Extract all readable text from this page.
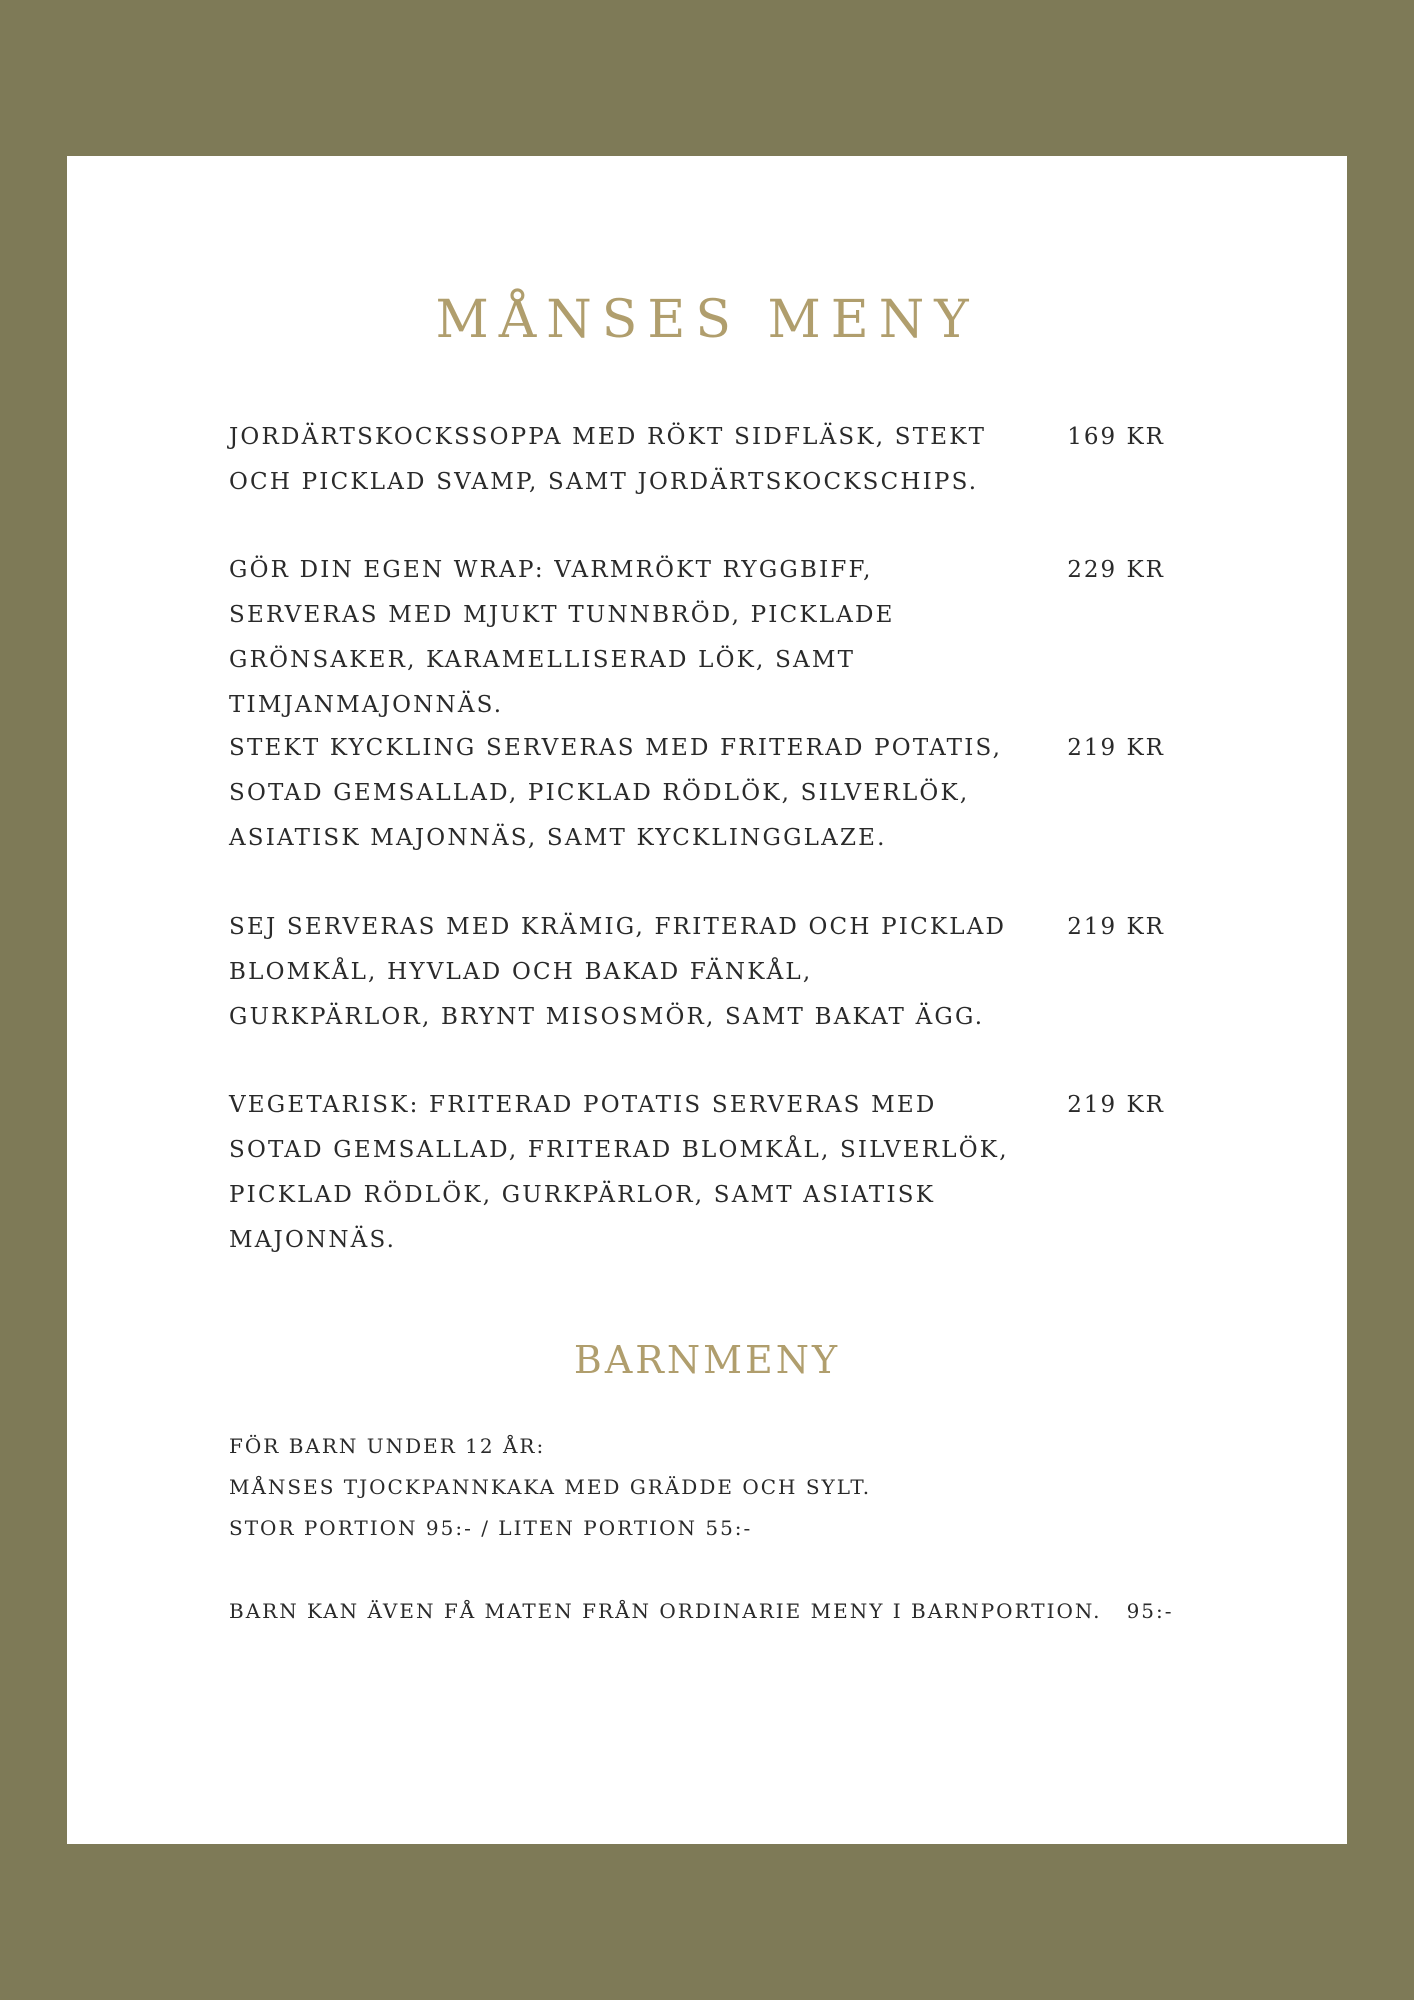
MÅNSES MENY
JORDÄRTSKOCKSSOPPA MED RÖKT SIDFLÄSK, STEKT OCH PICKLAD SVAMP, SAMT JORDÄRTSKOCKSCHIPS.
169 KR
GÖR DIN EGEN WRAP: VARMRÖKT RYGGBIFF, SERVERAS MED MJUKT TUNNBRÖD, PICKLADE GRÖNSAKER, KARAMELLISERAD LÖK, SAMT TIMJANMAJONNÄS.
229 KR
STEKT KYCKLING SERVERAS MED FRITERAD POTATIS, SOTAD GEMSALLAD, PICKLAD RÖDLÖK, SILVERLÖK, ASIATISK MAJONNÄS, SAMT KYCKLINGGLAZE.
219 KR
SEJ SERVERAS MED KRÄMIG, FRITERAD OCH PICKLAD BLOMKÅL, HYVLAD OCH BAKAD FÄNKÅL, GURKPÄRLOR, BRYNT MISOSMÖR, SAMT BAKAT ÄGG.
219 KR
VEGETARISK: FRITERAD POTATIS SERVERAS MED SOTAD GEMSALLAD, FRITERAD BLOMKÅL, SILVERLÖK, PICKLAD RÖDLÖK, GURKPÄRLOR, SAMT ASIATISK MAJONNÄS.
219 KR
BARNMENY
FÖR BARN UNDER 12 ÅR:
MÅNSES TJOCKPANNKAKA MED GRÄDDE OCH SYLT.
STOR PORTION 95:- / LITEN PORTION 55:-
BARN KAN ÄVEN FÅ MATEN FRÅN ORDINARIE MENY I BARNPORTION.   95:-
